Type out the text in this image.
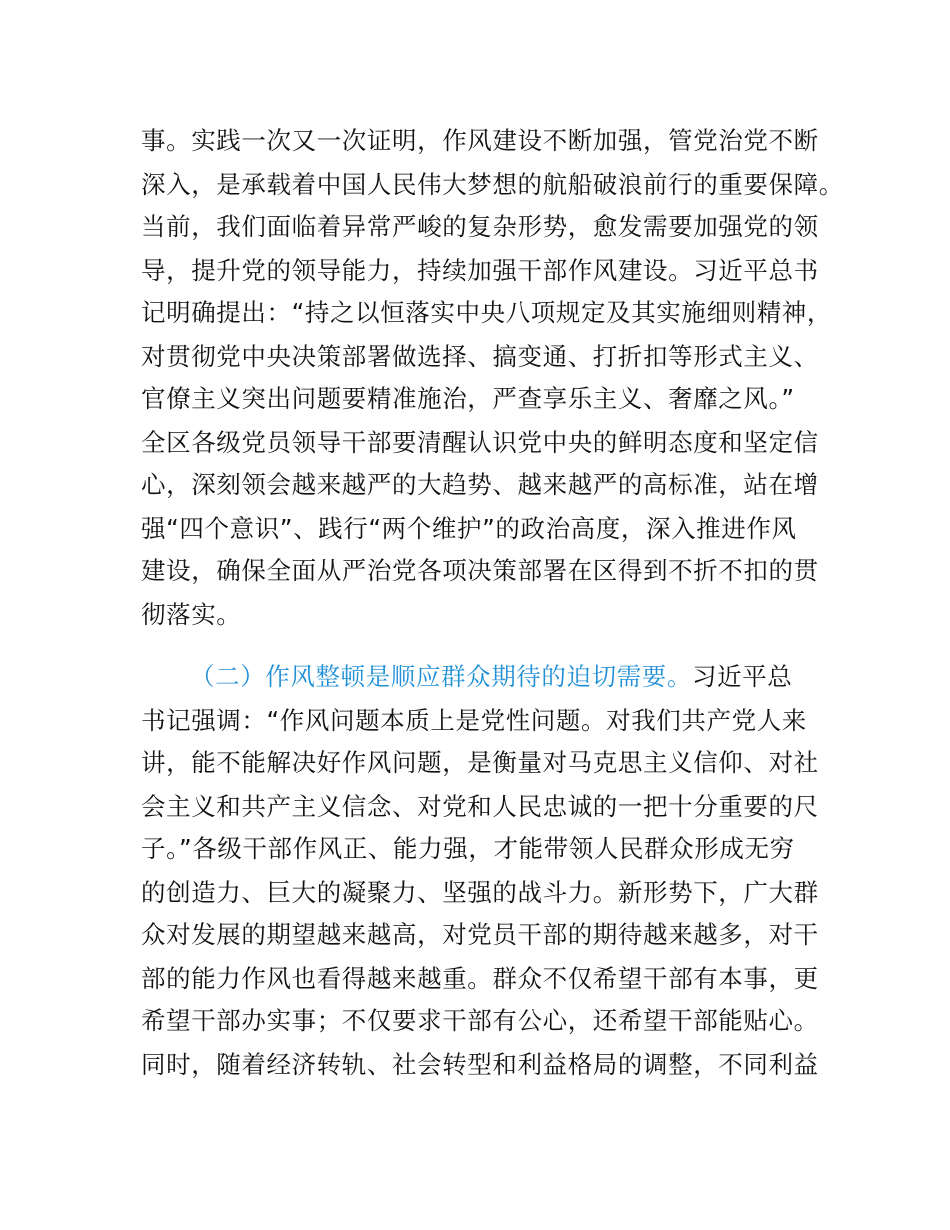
事。实践一次又一次证明，作风建设不断加强，管党治党不断
深入，是承载着中国人民伟大梦想的航船破浪前行的重要保障。
当前，我们面临着异常严峻的复杂形势，愈发需要加强党的领
导，提升党的领导能力，持续加强干部作风建设。习近平总书
记明确提出：“持之以恒落实中央八项规定及其实施细则精神，
对贯彻党中央决策部署做选择、搞变通、打折扣等形式主义、
官僚主义突出问题要精准施治，严查享乐主义、奢靡之风。”
全区各级党员领导干部要清醒认识党中央的鲜明态度和坚定信
心，深刻领会越来越严的大趋势、越来越严的高标准，站在增
强“四个意识”、践行“两个维护”的政治高度，深入推进作风
建设，确保全面从严治党各项决策部署在区得到不折不扣的贯
彻落实。
（二）作风整顿是顺应群众期待的迫切需要。习近平总
书记强调：“作风问题本质上是党性问题。对我们共产党人来
讲，能不能解决好作风问题，是衡量对马克思主义信仰、对社
会主义和共产主义信念、对党和人民忠诚的一把十分重要的尺
子。”各级干部作风正、能力强，才能带领人民群众形成无穷
的创造力、巨大的凝聚力、坚强的战斗力。新形势下，广大群
众对发展的期望越来越高，对党员干部的期待越来越多，对干
部的能力作风也看得越来越重。群众不仅希望干部有本事，更
希望干部办实事；不仅要求干部有公心，还希望干部能贴心。
同时，随着经济转轨、社会转型和利益格局的调整，不同利益
